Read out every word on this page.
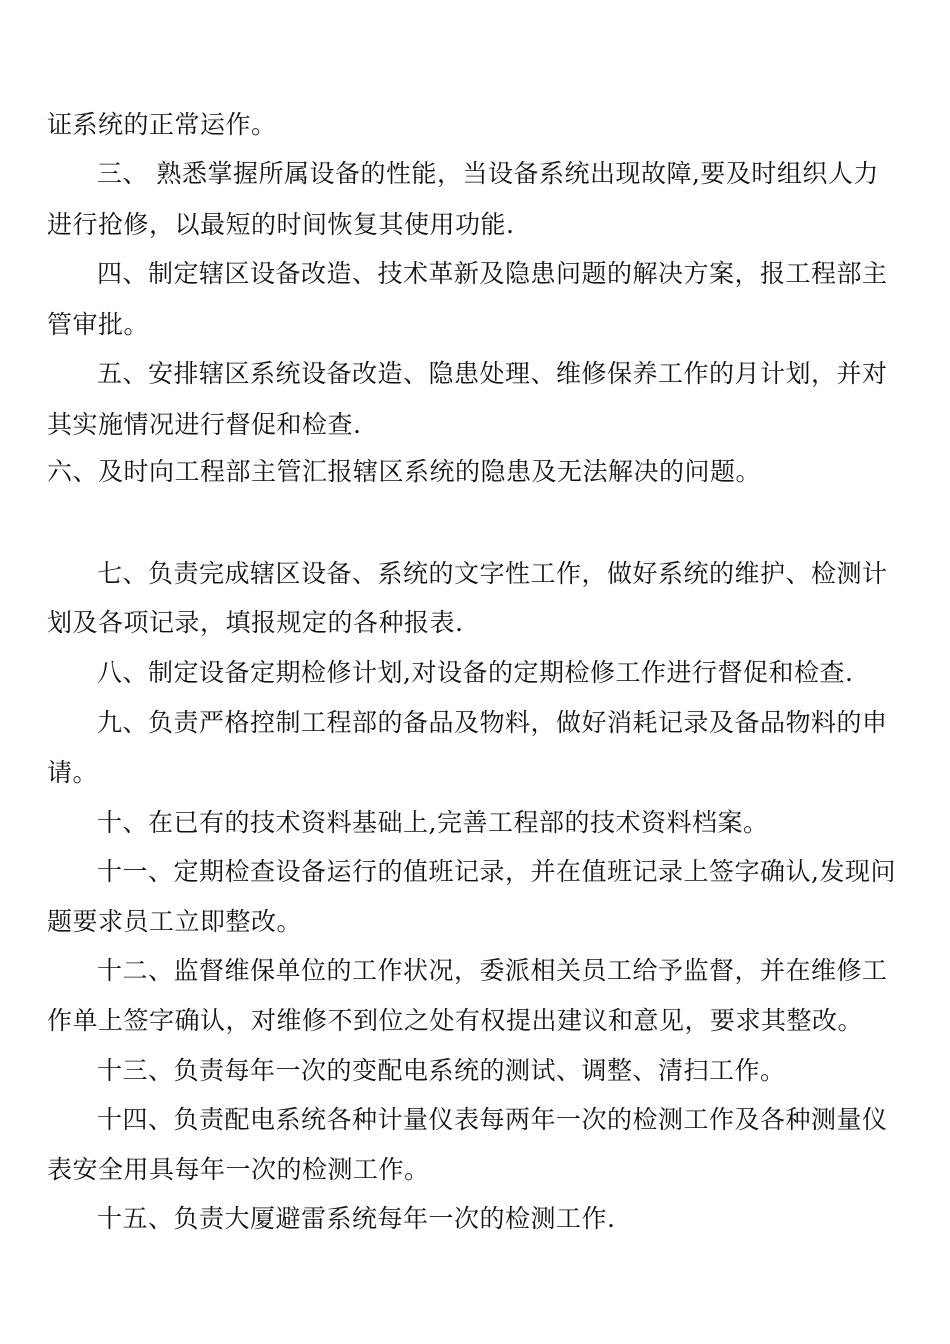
证系统的正常运作。
三、 熟悉掌握所属设备的性能，当设备系统出现故障,要及时组织人力
进行抢修，以最短的时间恢复其使用功能.
四、制定辖区设备改造、技术革新及隐患问题的解决方案，报工程部主
管审批。
五、安排辖区系统设备改造、隐患处理、维修保养工作的月计划，并对
其实施情况进行督促和检查.
六、及时向工程部主管汇报辖区系统的隐患及无法解决的问题。
七、负责完成辖区设备、系统的文字性工作，做好系统的维护、检测计
划及各项记录，填报规定的各种报表.
八、制定设备定期检修计划,对设备的定期检修工作进行督促和检查.
九、负责严格控制工程部的备品及物料，做好消耗记录及备品物料的申
请。
十、在已有的技术资料基础上,完善工程部的技术资料档案。
十一、定期检查设备运行的值班记录，并在值班记录上签字确认,发现问
题要求员工立即整改。
十二、监督维保单位的工作状况，委派相关员工给予监督，并在维修工
作单上签字确认，对维修不到位之处有权提出建议和意见，要求其整改。
十三、负责每年一次的变配电系统的测试、调整、清扫工作。
十四、负责配电系统各种计量仪表每两年一次的检测工作及各种测量仪
表安全用具每年一次的检测工作。
十五、负责大厦避雷系统每年一次的检测工作.
